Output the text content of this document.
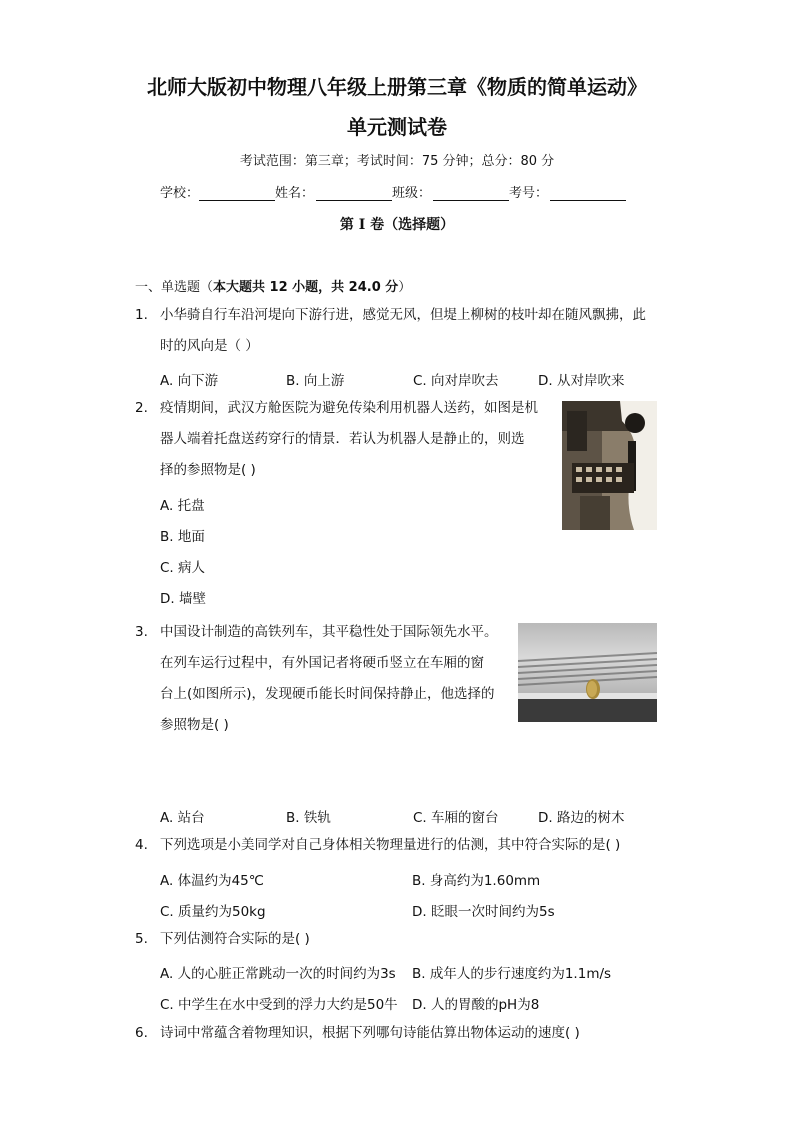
北师大版初中物理八年级上册第三章《物质的简单运动》
单元测试卷
考试范围：第三章；考试时间：75 分钟；总分：80 分
学校：	姓名：	班级：	考号：
第 I 卷（选择题）
一、单选题（本大题共 12 小题，共 24.0 分）
1. 小华骑自行车沿河堤向下游行进，感觉无风，但堤上柳树的枝叶却在随风飘拂，此
时的风向是（ ）
A. 向下游	B. 向上游	C. 向对岸吹去	D. 从对岸吹来
2. 疫情期间，武汉方舱医院为避免传染利用机器人送药，如图是机
器人端着托盘送药穿行的情景．若认为机器人是静止的，则选
择的参照物是( )
A. 托盘
B. 地面
C. 病人
D. 墙壁
3. 中国设计制造的高铁列车，其平稳性处于国际领先水平。
在列车运行过程中，有外国记者将硬币竖立在车厢的窗
台上(如图所示)，发现硬币能长时间保持静止，他选择的
参照物是( )
A. 站台	B. 铁轨	C. 车厢的窗台	D. 路边的树木
4. 下列选项是小美同学对自己身体相关物理量进行的估测，其中符合实际的是( )
A. 体温约为45℃	B. 身高约为1.60mm
C. 质量约为50kg	D. 眨眼一次时间约为5s
5. 下列估测符合实际的是( )
A. 人的心脏正常跳动一次的时间约为3s B. 成年人的步行速度约为1.1m/s
C. 中学生在水中受到的浮力大约是50牛 D. 人的胃酸的pH为8
6. 诗词中常蕴含着物理知识，根据下列哪句诗能估算出物体运动的速度( )
